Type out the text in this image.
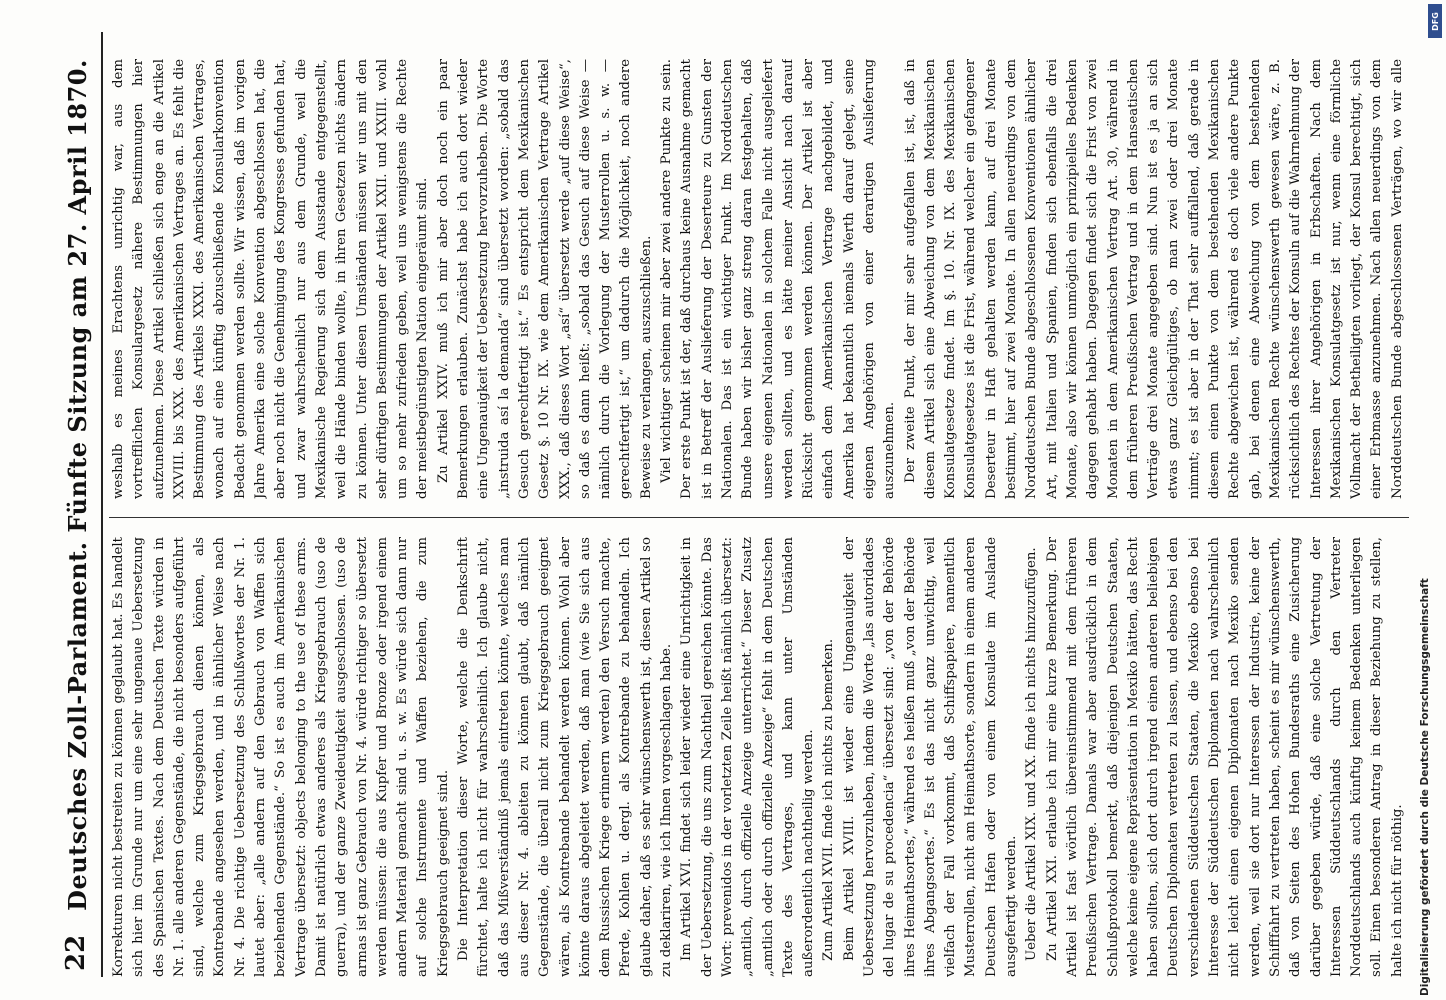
22
Deutsches Zoll-Parlament. Fünfte Sitzung am 27. April 1870. Korrekturen nicht bestreiten zu können geglaubt hat. Es handelt sich hier im Grunde nur um eine sehr ungenaue Uebersetzung des Spanischen Textes. Nach dem Deutschen Texte würden in Nr. 1. alle anderen Gegenstände, die nicht besonders aufgeführt sind, welche zum Kriegsgebrauch dienen können, als Kontrebande angesehen werden, und in ähnlicher Weise nach Nr. 4. Die richtige Uebersetzung des Schlußwortes der Nr. 1. lautet aber: „alle andern auf den Gebrauch von Waffen sich beziehenden Gegenstände.“ So ist es auch im Amerikanischen Vertrage übersetzt: objects belonging to the use of these arms. Damit ist natürlich etwas anderes als Kriegsgebrauch (uso de guerra), und der ganze Zweideutigkeit ausgeschlossen. (uso de armas ist ganz Gebrauch von Nr. 4. würde richtiger so übersetzt werden müssen: die aus Kupfer und Bronze oder irgend einem andern Material gemacht sind u. s. w. Es würde sich dann nur auf solche Instrumente und Waffen beziehen, die zum Kriegsgebrauch geeignet sind. Die Interpretation dieser Worte, welche die Denkschrift fürchtet, halte ich nicht für wahrscheinlich. Ich glaube nicht, daß das Mißverständniß jemals eintreten könnte, welches man aus dieser Nr. 4. ableiten zu können glaubt, daß nämlich Gegenstände, die überall nicht zum Kriegsgebrauch geeignet wären, als Kontrebande behandelt werden können. Wohl aber könnte daraus abgeleitet werden, daß man (wie Sie sich aus dem Russischen Kriege erinnern werden) den Versuch machte, Pferde, Kohlen u. dergl. als Kontrebande zu behandeln. Ich glaube daher, daß es sehr wünschenswerth ist, diesen Artikel so zu deklariren, wie ich Ihnen vorgeschlagen habe. Im Artikel XVI. findet sich leider wieder eine Unrichtigkeit in der Uebersetzung, die uns zum Nachtheil gereichen könnte. Das Wort: prevenidos in der vorletzten Zeile heißt nämlich übersetzt: „amtlich, durch offizielle Anzeige unterrichtet.“ Dieser Zusatz „amtlich oder durch offizielle Anzeige“ fehlt in dem Deutschen Texte des Vertrages, und kann unter Umständen außerordentlich nachtheilig werden. Zum Artikel XVII. finde ich nichts zu bemerken. Beim Artikel XVIII. ist wieder eine Ungenauigkeit der Uebersetzung hervorzuheben, indem die Worte „las autoridades del lugar de su procedencia“ übersetzt sind: „von der Behörde ihres Heimathsortes,“ während es heißen muß „von der Behörde ihres Abgangsortes.“ Es ist das nicht ganz unwichtig, weil vielfach der Fall vorkommt, daß Schiffspapiere, namentlich Musterrollen, nicht am Heimathsorte, sondern in einem anderen Deutschen Hafen oder von einem Konsulate im Auslande ausgefertigt werden. Ueber die Artikel XIX. und XX. finde ich nichts hinzuzufügen. Zu Artikel XXI. erlaube ich mir eine kurze Bemerkung. Der Artikel ist fast wörtlich übereinstimmend mit dem früheren Preußischen Vertrage. Damals war aber ausdrücklich in dem Schlußprotokoll bemerkt, daß diejenigen Deutschen Staaten, welche keine eigene Repräsentation in Mexiko hätten, das Recht haben sollten, sich dort durch irgend einen anderen beliebigen Deutschen Diplomaten vertreten zu lassen, und ebenso bei den verschiedenen Süddeutschen Staaten, die Mexiko ebenso bei Interesse der Süddeutschen Diplomaten nach wahrscheinlich nicht leicht einen eigenen Diplomaten nach Mexiko senden werden, weil sie dort nur Interessen der Industrie, keine der Schifffahrt zu vertreten haben, scheint es mir wünschenswerth, daß von Seiten des Hohen Bundesraths eine Zusicherung darüber gegeben würde, daß eine solche Vertretung der Interessen Süddeutschlands durch den Vertreter Norddeutschlands auch künftig keinem Bedenken unterliegen soll. Einen besonderen Antrag in dieser Beziehung zu stellen, halte ich nicht für nöthig.

weshalb es meines Erachtens unrichtig war, aus dem vortrefflichen Konsulargesetz nähere Bestimmungen hier aufzunehmen. Diese Artikel schließen sich enge an die Artikel XXVIII. bis XXX. des Amerikanischen Vertrages an. Es fehlt die Bestimmung des Artikels XXXI. des Amerikanischen Vertrages, wonach auf eine künftig abzuschließende Konsularkonvention Bedacht genommen werden sollte. Wir wissen, daß im vorigen Jahre Amerika eine solche Konvention abgeschlossen hat, die aber noch nicht die Genehmigung des Kongresses gefunden hat, und zwar wahrscheinlich nur aus dem Grunde, weil die Mexikanische Regierung sich dem Ausstande entgegenstellt, weil die Hände binden wollte, in ihren Gesetzen nichts ändern zu können. Unter diesen Umständen müssen wir uns mit den sehr dürftigen Bestimmungen der Artikel XXII. und XXIII. wohl um so mehr zufrieden geben, weil uns wenigstens die Rechte der meistbegünstigten Nation eingeräumt sind. Zu Artikel XXIV. muß ich mir aber doch noch ein paar Bemerkungen erlauben. Zunächst habe ich auch dort wieder eine Ungenauigkeit der Uebersetzung hervorzuheben. Die Worte „instruida así la demanda“ sind übersetzt worden: „sobald das Gesuch gerechtfertigt ist.“ Es entspricht dem Mexikanischen Gesetz §. 10 Nr. IX. wie dem Amerikanischen Vertrage Artikel XXX., daß dieses Wort „así“ übersetzt werde „auf diese Weise“, so daß es dann heißt: „sobald das Gesuch auf diese Weise — nämlich durch die Vorlegung der Musterrollen u. s. w. — gerechtfertigt ist,“ um dadurch die Möglichkeit, noch andere Beweise zu verlangen, auszuschließen. Viel wichtiger scheinen mir aber zwei andere Punkte zu sein. Der erste Punkt ist der, daß durchaus keine Ausnahme gemacht ist in Betreff der Auslieferung der Deserteure zu Gunsten der Nationalen. Das ist ein wichtiger Punkt. Im Norddeutschen Bunde haben wir bisher ganz streng daran festgehalten, daß unsere eigenen Nationalen in solchem Falle nicht ausgeliefert werden sollten, und es hätte meiner Ansicht nach darauf Rücksicht genommen werden können. Der Artikel ist aber einfach dem Amerikanischen Vertrage nachgebildet, und Amerika hat bekanntlich niemals Werth darauf gelegt, seine eigenen Angehörigen von einer derartigen Auslieferung auszunehmen. Der zweite Punkt, der mir sehr aufgefallen ist, ist, daß in diesem Artikel sich eine Abweichung von dem Mexikanischen Konsulatgesetze findet. Im §. 10. Nr. IX. des Mexikanischen Konsulatgesetzes ist die Frist, während welcher ein gefangener Deserteur in Haft gehalten werden kann, auf drei Monate bestimmt, hier auf zwei Monate. In allen neuerdings von dem Norddeutschen Bunde abgeschlossenen Konventionen ähnlicher Art, mit Italien und Spanien, finden sich ebenfalls die drei Monate, also wir können unmöglich ein prinzipielles Bedenken dagegen gehabt haben. Dagegen findet sich die Frist von zwei Monaten in dem Amerikanischen Vertrag Art. 30, während in dem früheren Preußischen Vertrag und in dem Hanseatischen Verträge drei Monate angegeben sind. Nun ist es ja an sich etwas ganz Gleichgültiges, ob man zwei oder drei Monate nimmt; es ist aber in der That sehr auffallend, daß gerade in diesem einen Punkte von dem bestehenden Mexikanischen Rechte abgewichen ist, während es doch viele andere Punkte gab, bei denen eine Abweichung von dem bestehenden Mexikanischen Rechte wünschenswerth gewesen wäre, z. B. rücksichtlich des Rechtes der Konsuln auf die Wahrnehmung der Interessen ihrer Angehörigen in Erbschaften. Nach dem Mexikanischen Konsulatgesetz ist nur, wenn eine förmliche Vollmacht der Betheiligten vorliegt, der Konsul berechtigt, sich einer Erbmasse anzunehmen. Nach allen neuerdings von dem Norddeutschen Bunde abgeschlossenen Verträgen, wo wir alle

Digitalisierung gefördert durch die Deutsche Forschungsgemeinschaft
DFG
